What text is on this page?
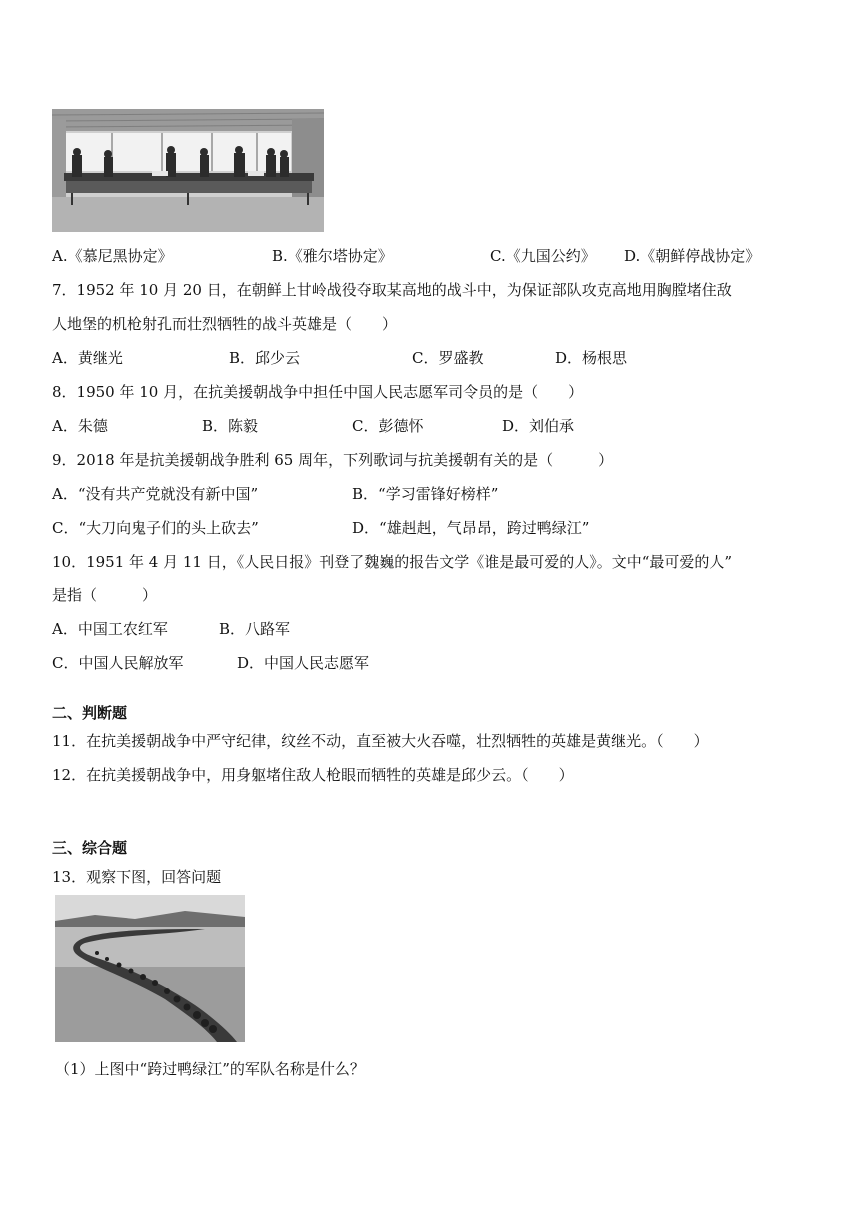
A.《慕尼黑协定》	B.《雅尔塔协定》	C.《九国公约》 D.《朝鲜停战协定》
7．1952 年 10 月 20 日，在朝鲜上甘岭战役夺取某高地的战斗中，为保证部队攻克高地用胸膛堵住敌
人地堡的机枪射孔而壮烈牺牲的战斗英雄是（　　）
A．黄继光	B．邱少云	C．罗盛教	D．杨根思
8．1950 年 10 月，在抗美援朝战争中担任中国人民志愿军司令员的是（　　）
A．朱德	B．陈毅	C．彭德怀	D．刘伯承
9．2018 年是抗美援朝战争胜利 65 周年，下列歌词与抗美援朝有关的是（　　　）
A．“没有共产党就没有新中国”	B．“学习雷锋好榜样”
C．“大刀向鬼子们的头上砍去”	D．“雄赳赳，气昂昂，跨过鸭绿江”
10．1951 年 4 月 11 日，《人民日报》刊登了魏巍的报告文学《谁是最可爱的人》。文中“最可爱的人”
是指（　　　）
A．中国工农红军	B．八路军
C．中国人民解放军	D．中国人民志愿军
二、判断题
11．在抗美援朝战争中严守纪律，纹丝不动，直至被大火吞噬，壮烈牺牲的英雄是黄继光。（　　）
12．在抗美援朝战争中，用身躯堵住敌人枪眼而牺牲的英雄是邱少云。（　　）
三、综合题
13．观察下图，回答问题
（1）上图中“跨过鸭绿江”的军队名称是什么？
